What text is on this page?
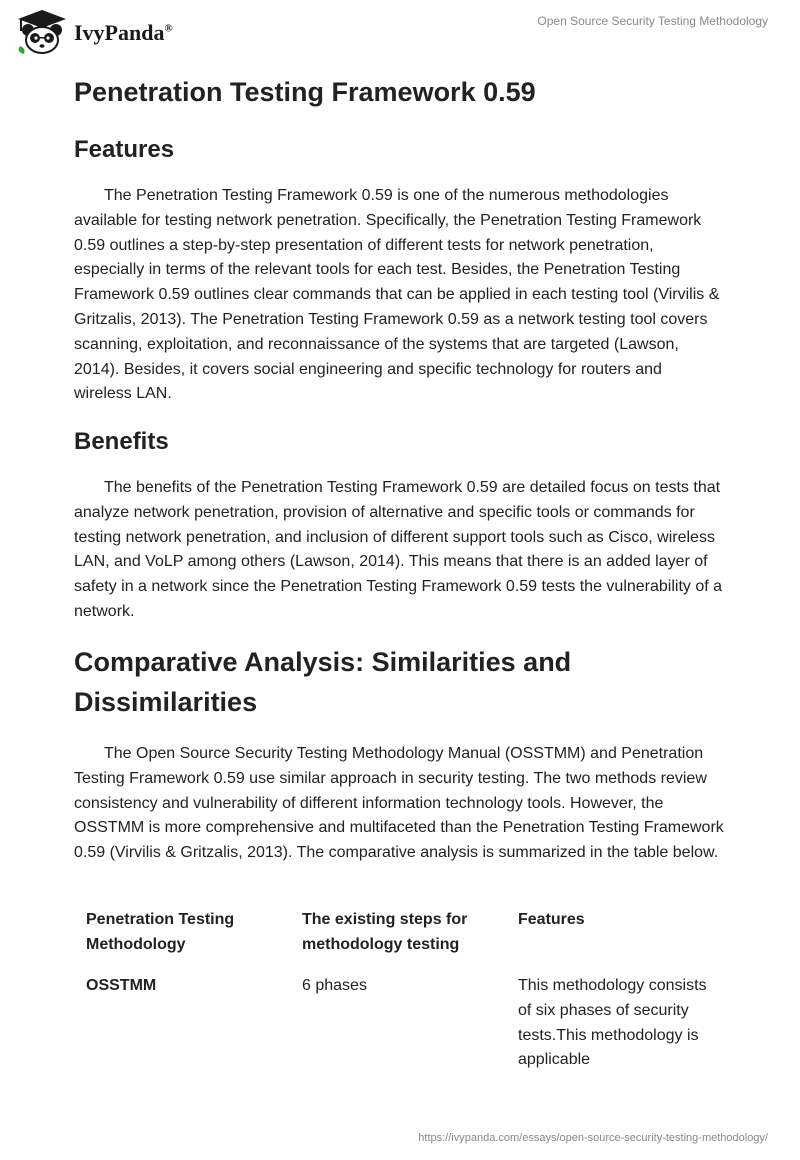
IvyPanda®
Open Source Security Testing Methodology
Penetration Testing Framework 0.59
Features

The Penetration Testing Framework 0.59 is one of the numerous methodologies available for testing network penetration. Specifically, the Penetration Testing Framework 0.59 outlines a step-by-step presentation of different tests for network penetration, especially in terms of the relevant tools for each test. Besides, the Penetration Testing Framework 0.59 outlines clear commands that can be applied in each testing tool (Virvilis & Gritzalis, 2013). The Penetration Testing Framework 0.59 as a network testing tool covers scanning, exploitation, and reconnaissance of the systems that are targeted (Lawson, 2014). Besides, it covers social engineering and specific technology for routers and wireless LAN.

Benefits

The benefits of the Penetration Testing Framework 0.59 are detailed focus on tests that analyze network penetration, provision of alternative and specific tools or commands for testing network penetration, and inclusion of different support tools such as Cisco, wireless LAN, and VoLP among others (Lawson, 2014). This means that there is an added layer of safety in a network since the Penetration Testing Framework 0.59 tests the vulnerability of a network.

Comparative Analysis: Similarities and Dissimilarities

The Open Source Security Testing Methodology Manual (OSSTMM) and Penetration Testing Framework 0.59 use similar approach in security testing. The two methods review consistency and vulnerability of different information technology tools. However, the OSSTMM is more comprehensive and multifaceted than the Penetration Testing Framework 0.59 (Virvilis & Gritzalis, 2013). The comparative analysis is summarized in the table below.

Penetration Testing Methodology	The existing steps for methodology testing	Features
OSSTMM	6 phases	This methodology consists of six phases of security tests.This methodology is applicable
https://ivypanda.com/essays/open-source-security-testing-methodology/
